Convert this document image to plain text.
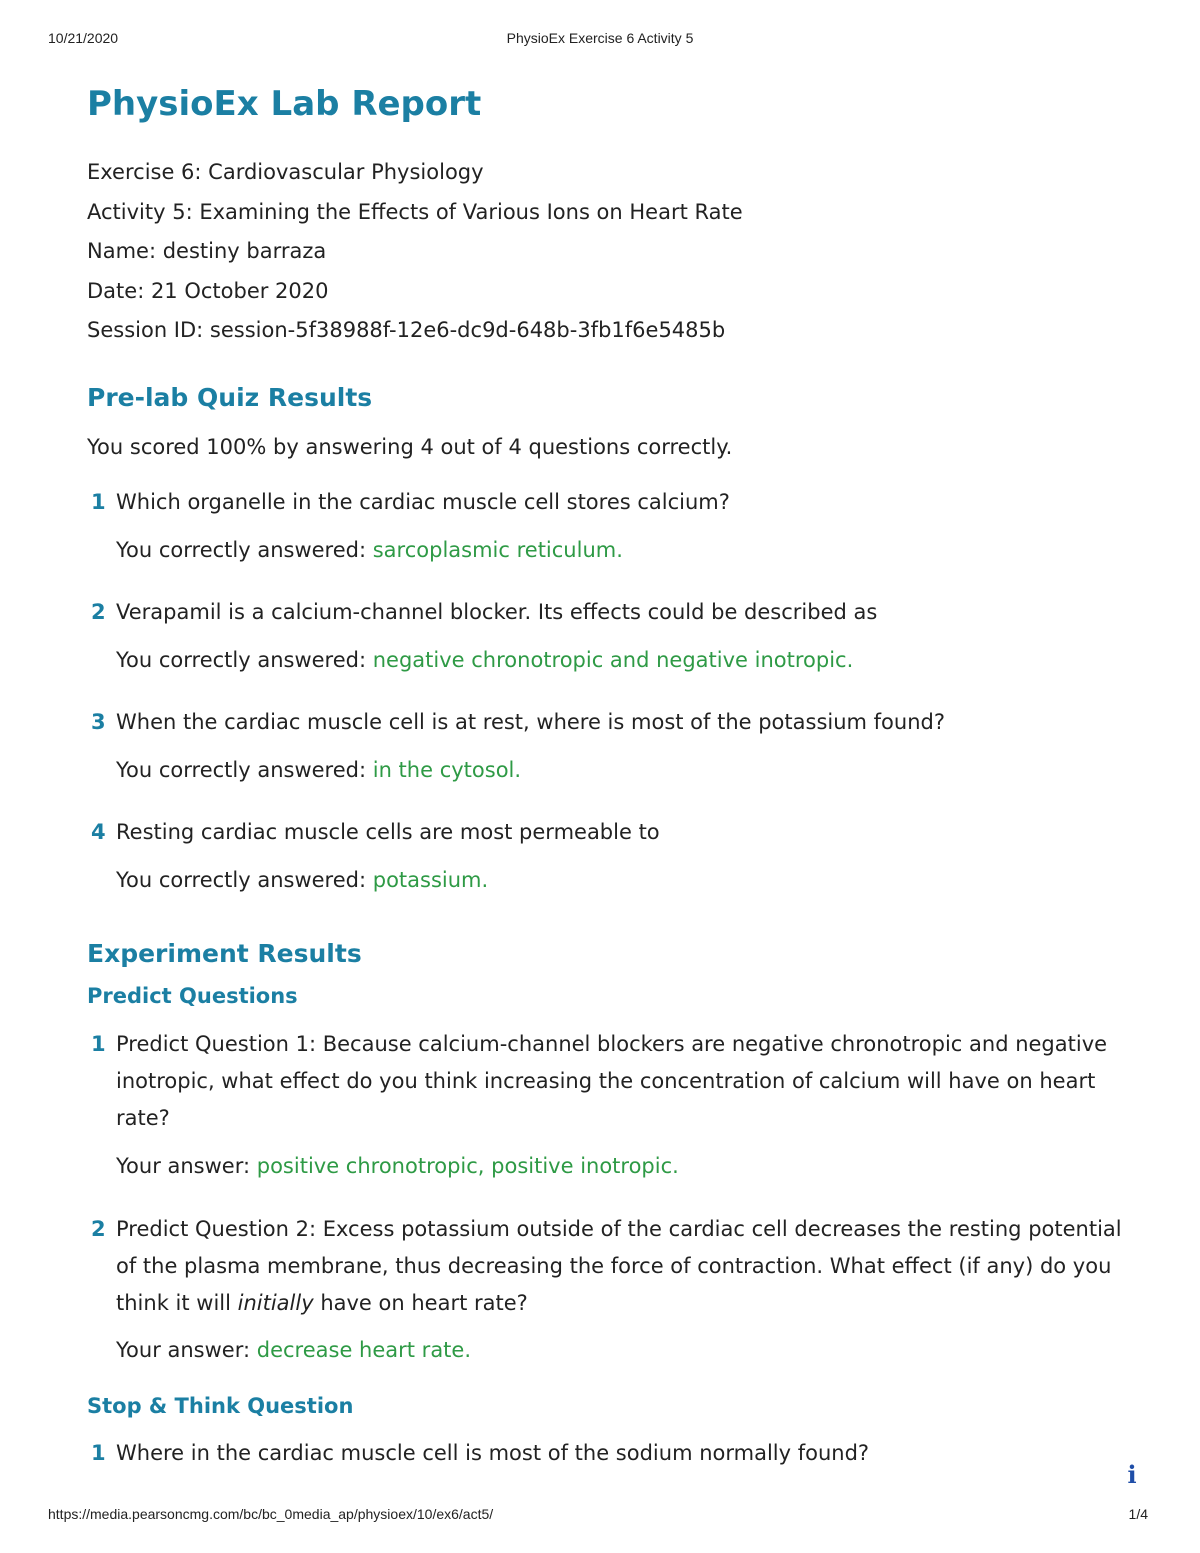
10/21/2020	PhysioEx Exercise 6 Activity 5
PhysioEx Lab Report
Exercise 6: Cardiovascular Physiology
Activity 5: Examining the Effects of Various Ions on Heart Rate
Name: destiny barraza
Date: 21 October 2020
Session ID: session-5f38988f-12e6-dc9d-648b-3fb1f6e5485b
Pre-lab Quiz Results
You scored 100% by answering 4 out of 4 questions correctly.
1 Which organelle in the cardiac muscle cell stores calcium?
You correctly answered: sarcoplasmic reticulum.
2 Verapamil is a calcium-channel blocker. Its effects could be described as
You correctly answered: negative chronotropic and negative inotropic.
3 When the cardiac muscle cell is at rest, where is most of the potassium found?
You correctly answered: in the cytosol.
4 Resting cardiac muscle cells are most permeable to
You correctly answered: potassium.
Experiment Results
Predict Questions
1 Predict Question 1: Because calcium-channel blockers are negative chronotropic and negative inotropic, what effect do you think increasing the concentration of calcium will have on heart rate?
Your answer: positive chronotropic, positive inotropic.
2 Predict Question 2: Excess potassium outside of the cardiac cell decreases the resting potential of the plasma membrane, thus decreasing the force of contraction. What effect (if any) do you think it will initially have on heart rate?
Your answer: decrease heart rate.
Stop & Think Question
1 Where in the cardiac muscle cell is most of the sodium normally found?
i
https://media.pearsoncmg.com/bc/bc_0media_ap/physioex/10/ex6/act5/	1/4
